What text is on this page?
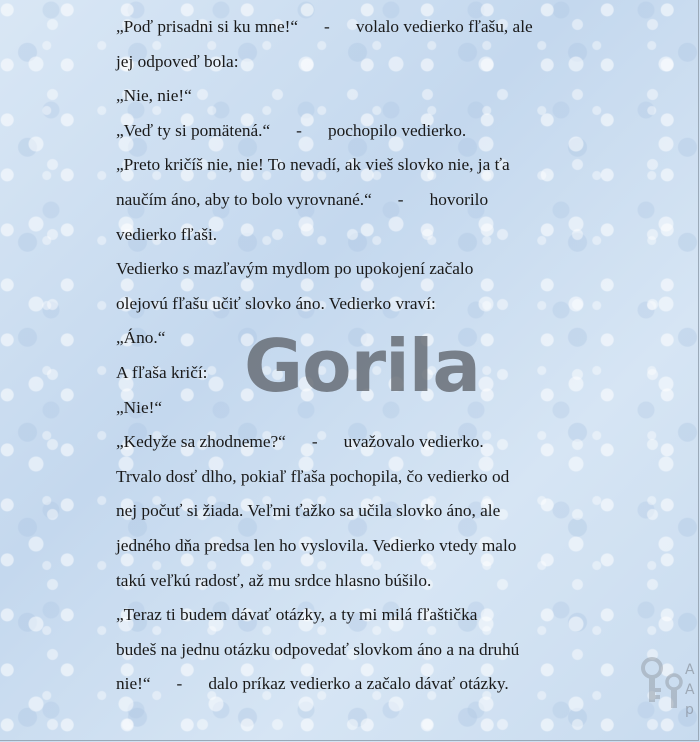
„Poď prisadni si ku mne!“ - volalo vedierko fľašu, ale
jej odpoveď bola:
„Nie, nie!“
„Veď ty si pomätená.“ - pochopilo vedierko.
„Preto kričíš nie, nie! To nevadí, ak vieš slovko nie, ja ťa
naučím áno, aby to bolo vyrovnané.“ - hovorilo
vedierko fľaši.
Vedierko s mazľavým mydlom po upokojení začalo
olejovú fľašu učiť slovko áno. Vedierko vraví:
„Áno.“
A fľaša kričí:
„Nie!“
„Kedyže sa zhodneme?“ - uvažovalo vedierko.
Trvalo dosť dlho, pokiaľ fľaša pochopila, čo vedierko od
nej počuť si žiada. Veľmi ťažko sa učila slovko áno, ale
jedného dňa predsa len ho vyslovila. Vedierko vtedy malo
takú veľkú radosť, až mu srdce hlasno búšilo.
„Teraz ti budem dávať otázky, a ty mi milá fľaštička
budeš na jednu otázku odpovedať slovkom áno a na druhú
nie!“ - dalo príkaz vedierko a začalo dávať otázky.
Gorila
A
A
p
